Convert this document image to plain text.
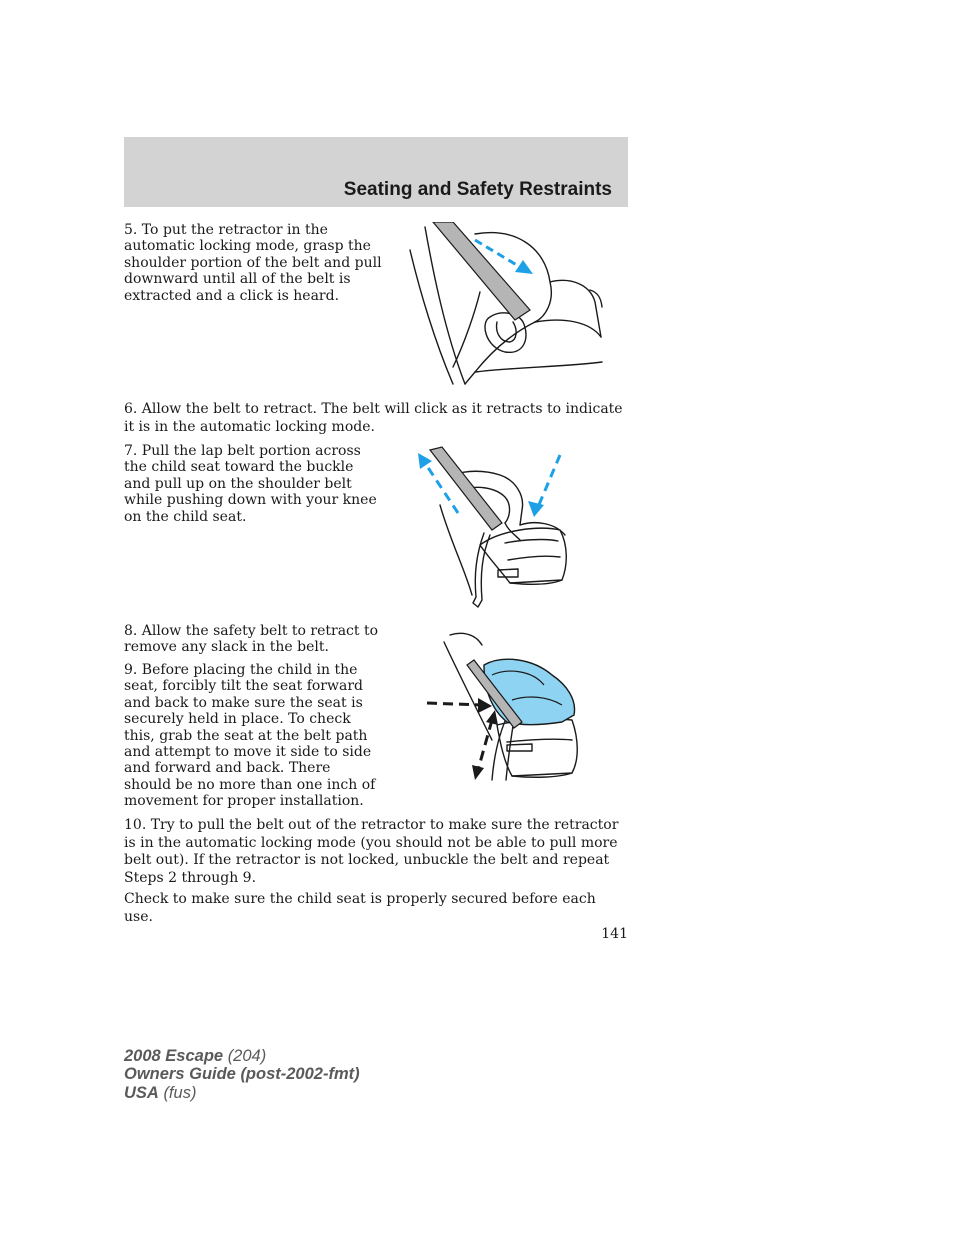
Seating and Safety Restraints

5. To put the retractor in the automatic locking mode, grasp the shoulder portion of the belt and pull downward until all of the belt is extracted and a click is heard.

6. Allow the belt to retract. The belt will click as it retracts to indicate it is in the automatic locking mode.

7. Pull the lap belt portion across the child seat toward the buckle and pull up on the shoulder belt while pushing down with your knee on the child seat.

8. Allow the safety belt to retract to remove any slack in the belt.

9. Before placing the child in the seat, forcibly tilt the seat forward and back to make sure the seat is securely held in place. To check this, grab the seat at the belt path and attempt to move it side to side and forward and back. There should be no more than one inch of movement for proper installation.

10. Try to pull the belt out of the retractor to make sure the retractor is in the automatic locking mode (you should not be able to pull more belt out). If the retractor is not locked, unbuckle the belt and repeat Steps 2 through 9.

Check to make sure the child seat is properly secured before each use.

141
2008 Escape (204)
Owners Guide (post-2002-fmt)
USA (fus)
